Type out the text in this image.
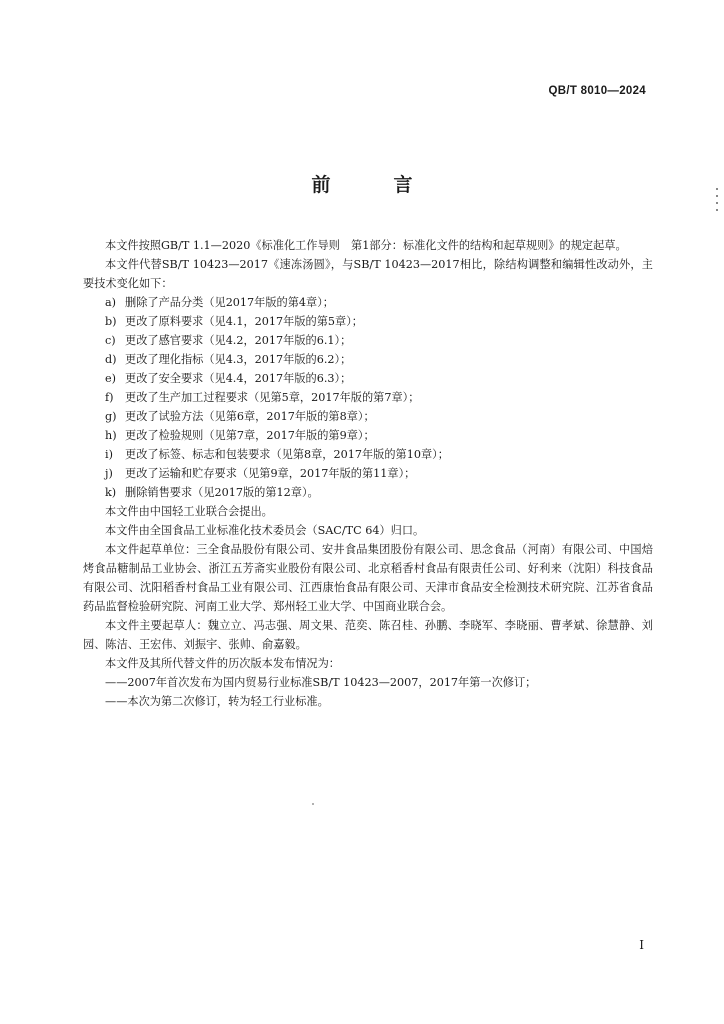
QB/T 8010—2024
前　言

本文件按照GB/T 1.1—2020《标准化工作导则　第1部分：标准化文件的结构和起草规则》的规定起草。

本文件代替SB/T 10423—2017《速冻汤圆》，与SB/T 10423—2017相比，除结构调整和编辑性改动外，主要技术变化如下：

a) 删除了产品分类（见2017年版的第4章）；
b) 更改了原料要求（见4.1，2017年版的第5章）；
c) 更改了感官要求（见4.2，2017年版的6.1）；
d) 更改了理化指标（见4.3，2017年版的6.2）；
e) 更改了安全要求（见4.4，2017年版的6.3）；
f) 更改了生产加工过程要求（见第5章，2017年版的第7章）；
g) 更改了试验方法（见第6章，2017年版的第8章）；
h) 更改了检验规则（见第7章，2017年版的第9章）；
i) 更改了标签、标志和包装要求（见第8章，2017年版的第10章）；
j) 更改了运输和贮存要求（见第9章，2017年版的第11章）；
k) 删除销售要求（见2017版的第12章）。

本文件由中国轻工业联合会提出。

本文件由全国食品工业标准化技术委员会（SAC/TC 64）归口。

本文件起草单位：三全食品股份有限公司、安井食品集团股份有限公司、思念食品（河南）有限公司、中国焙烤食品糖制品工业协会、浙江五芳斋实业股份有限公司、北京稻香村食品有限责任公司、好利来（沈阳）科技食品有限公司、沈阳稻香村食品工业有限公司、江西康怡食品有限公司、天津市食品安全检测技术研究院、江苏省食品药品监督检验研究院、河南工业大学、郑州轻工业大学、中国商业联合会。

本文件主要起草人：魏立立、冯志强、周文果、范奕、陈召桂、孙鹏、李晓军、李晓丽、曹孝斌、徐慧静、刘园、陈洁、王宏伟、刘振宇、张帅、俞嘉毅。

本文件及其所代替文件的历次版本发布情况为：

——2007年首次发布为国内贸易行业标准SB/T 10423—2007，2017年第一次修订；

——本次为第二次修订，转为轻工行业标准。

I
